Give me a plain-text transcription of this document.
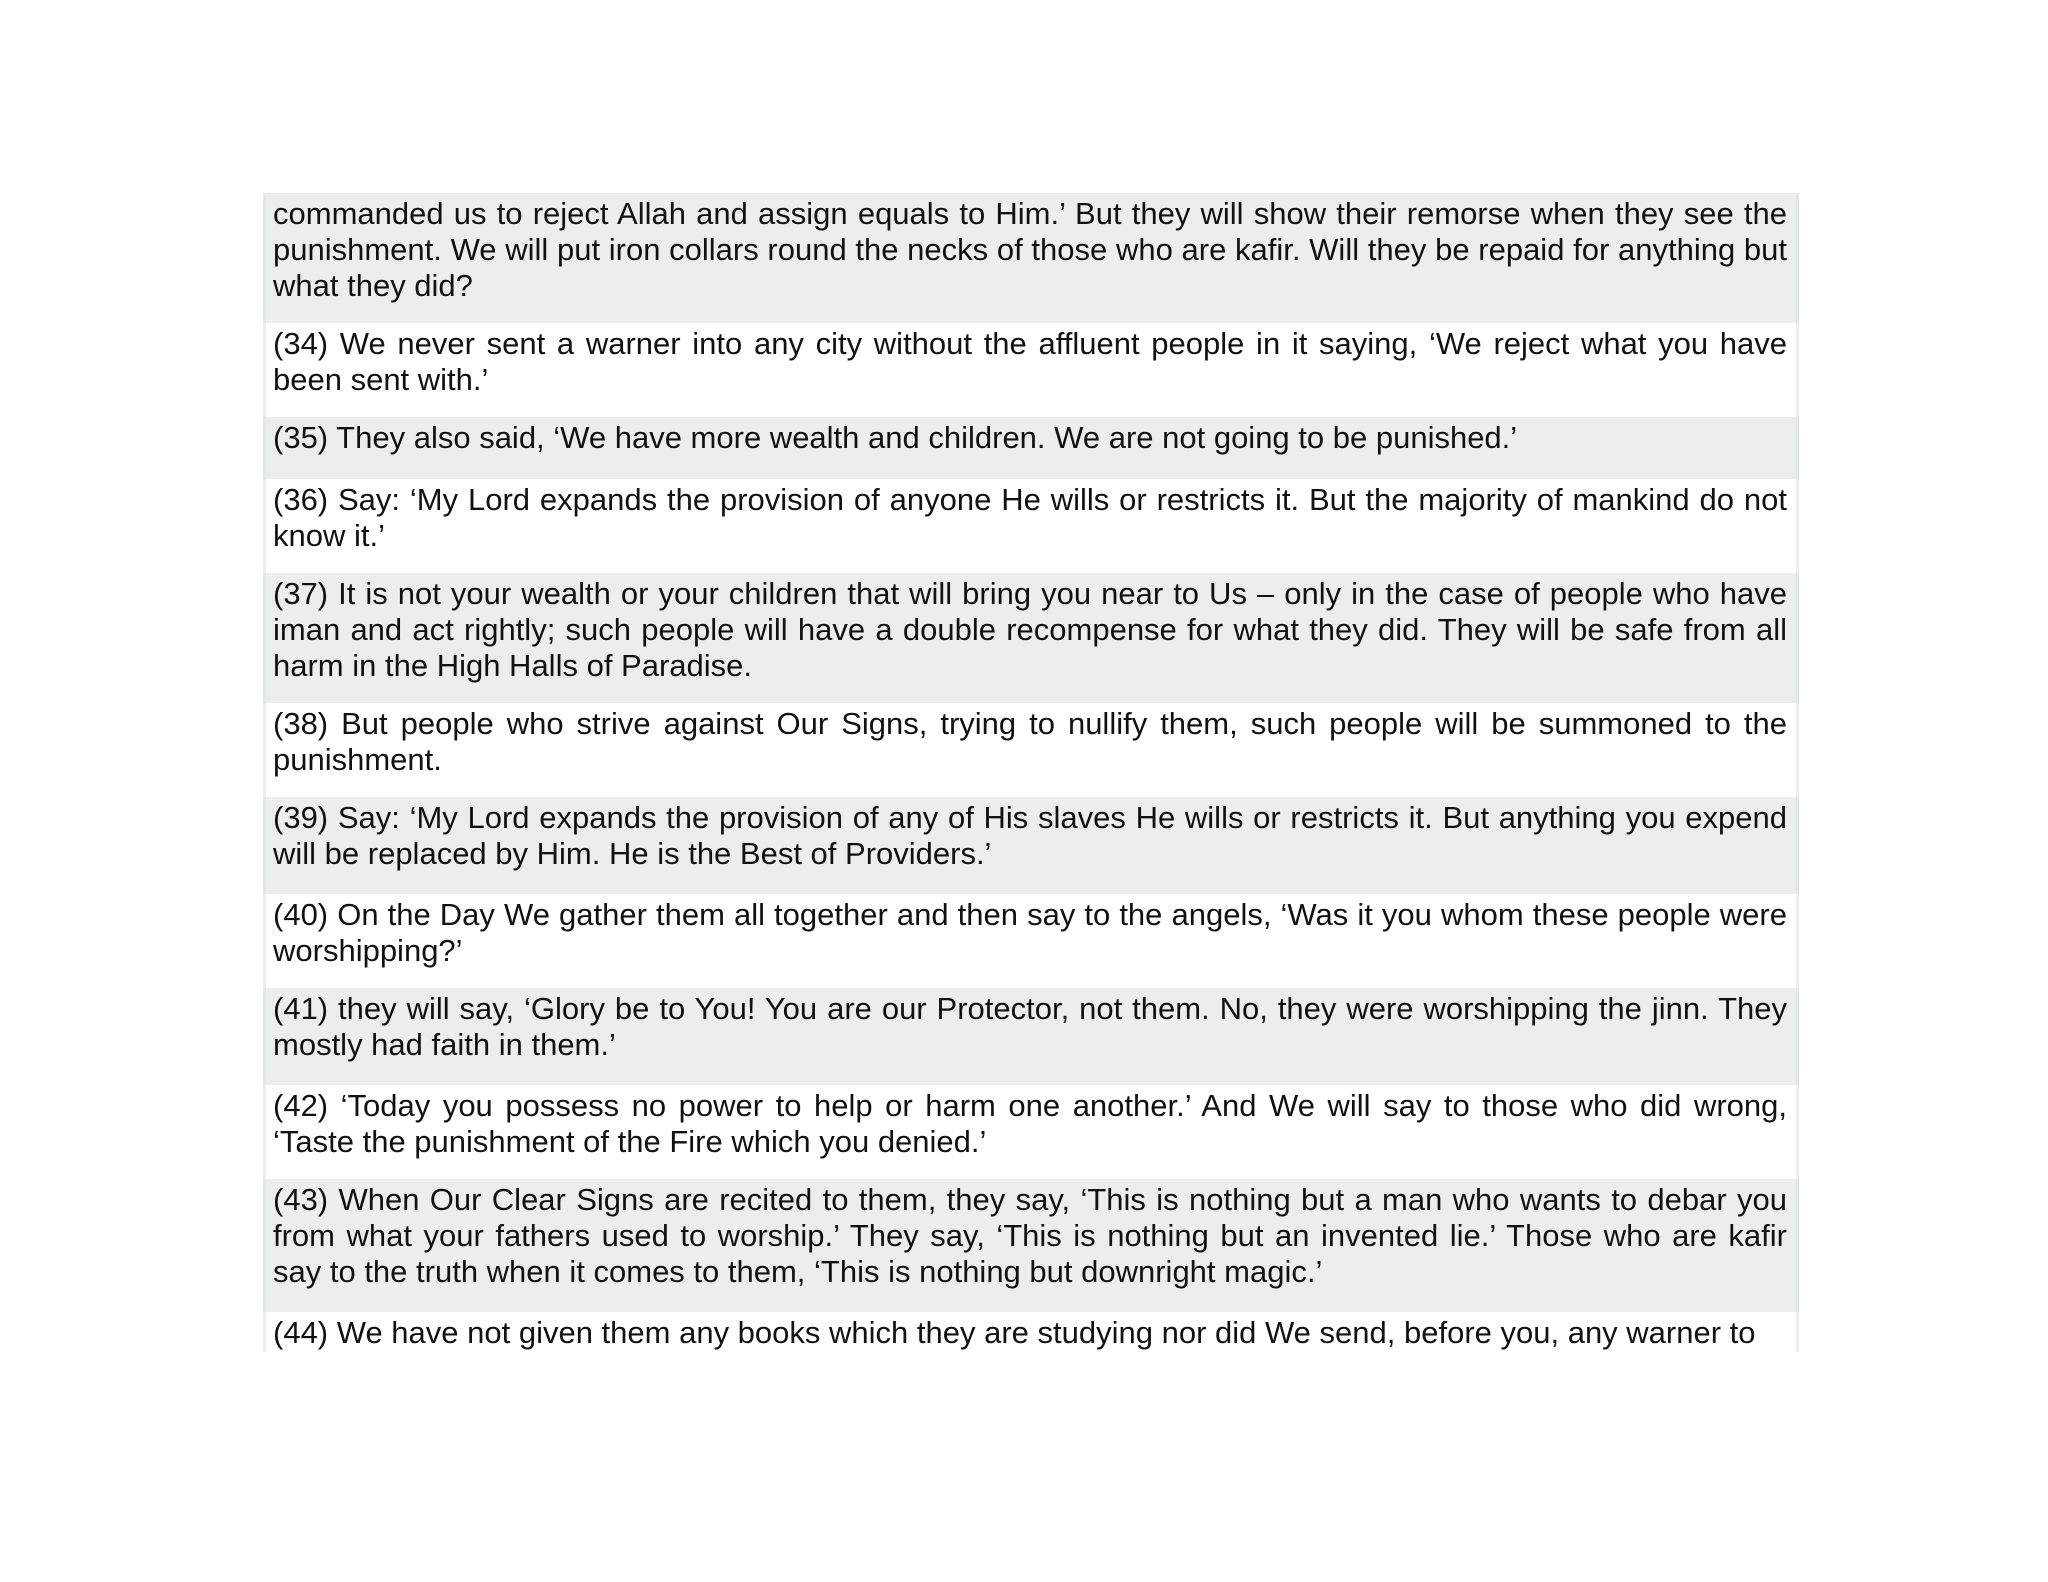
commanded us to reject Allah and assign equals to Him.’ But they will show their remorse when they see the punishment. We will put iron collars round the necks of those who are kafir. Will they be repaid for anything but what they did?
(34) We never sent a warner into any city without the affluent people in it saying, ‘We reject what you have been sent with.’
(35) They also said, ‘We have more wealth and children. We are not going to be punished.’
(36) Say: ‘My Lord expands the provision of anyone He wills or restricts it. But the majority of mankind do not know it.’
(37) It is not your wealth or your children that will bring you near to Us – only in the case of people who have iman and act rightly; such people will have a double recompense for what they did. They will be safe from all harm in the High Halls of Paradise.
(38) But people who strive against Our Signs, trying to nullify them, such people will be summoned to the punishment.
(39) Say: ‘My Lord expands the provision of any of His slaves He wills or restricts it. But anything you expend will be replaced by Him. He is the Best of Providers.’
(40) On the Day We gather them all together and then say to the angels, ‘Was it you whom these people were worshipping?’
(41) they will say, ‘Glory be to You! You are our Protector, not them. No, they were worshipping the jinn. They mostly had faith in them.’
(42) ‘Today you possess no power to help or harm one another.’ And We will say to those who did wrong, ‘Taste the punishment of the Fire which you denied.’
(43) When Our Clear Signs are recited to them, they say, ‘This is nothing but a man who wants to debar you from what your fathers used to worship.’ They say, ‘This is nothing but an invented lie.’ Those who are kafir say to the truth when it comes to them, ‘This is nothing but downright magic.’
(44) We have not given them any books which they are studying nor did We send, before you, any warner to
